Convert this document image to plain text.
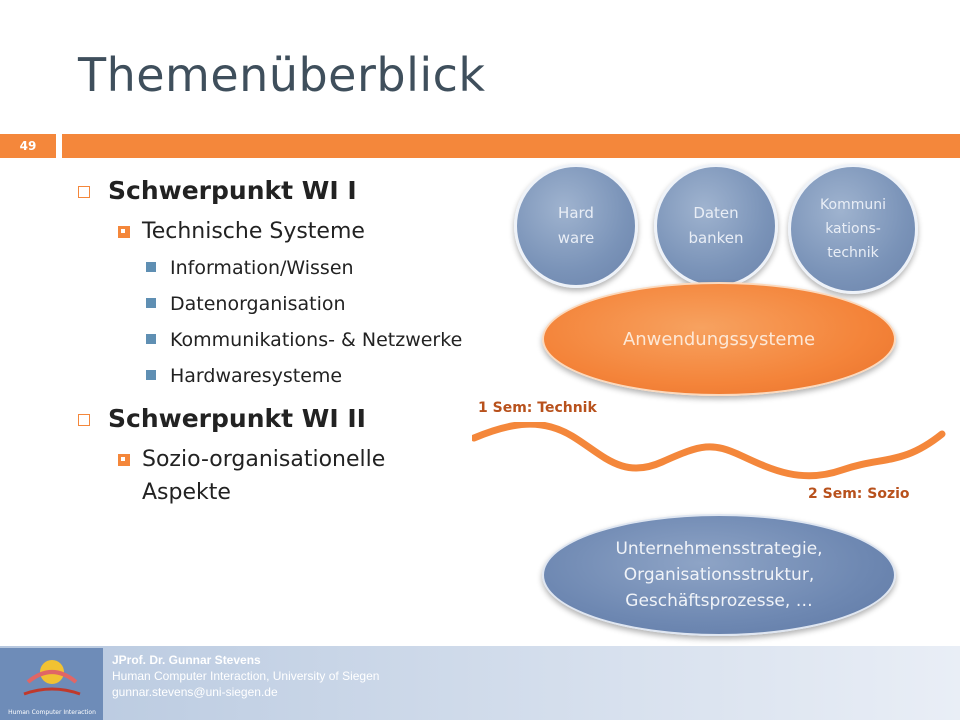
Themenüberblick
49
Schwerpunkt WI I
Technische Systeme
Information/Wissen
Datenorganisation
Kommunikations- & Netzwerke
Hardwaresysteme
Schwerpunkt WI II
Sozio-organisationelle Aspekte
Hard
ware
Daten
banken
Kommuni
kations-
technik
Anwendungssysteme
1 Sem: Technik
2 Sem: Sozio
Unternehmensstrategie,
Organisationsstruktur,
Geschäftsprozesse, …
Human Computer Interaction
JProf. Dr. Gunnar Stevens
Human Computer Interaction, University of Siegen
gunnar.stevens@uni-siegen.de
